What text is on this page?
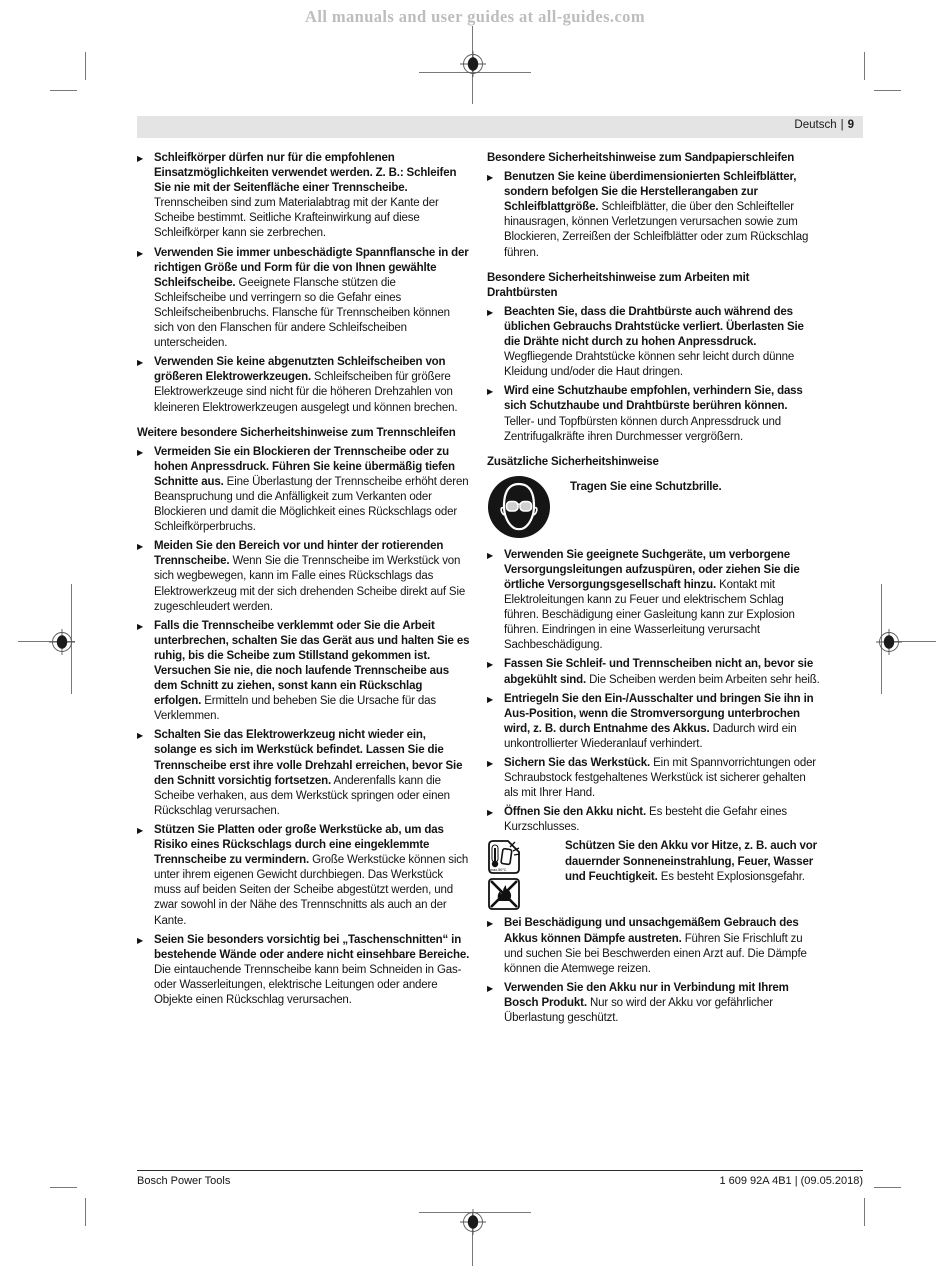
All manuals and user guides at all-guides.com
Deutsch | 9
▶ Schleifkörper dürfen nur für die empfohlenen Einsatzmöglichkeiten verwendet werden. Z. B.: Schleifen Sie nie mit der Seitenfläche einer Trennscheibe. Trennscheiben sind zum Materialabtrag mit der Kante der Scheibe bestimmt. Seitliche Krafteinwirkung auf diese Schleifkörper kann sie zerbrechen.

▶ Verwenden Sie immer unbeschädigte Spannflansche in der richtigen Größe und Form für die von Ihnen gewählte Schleifscheibe. Geeignete Flansche stützen die Schleifscheibe und verringern so die Gefahr eines Schleifscheibenbruchs. Flansche für Trennscheiben können sich von den Flanschen für andere Schleifscheiben unterscheiden.

▶ Verwenden Sie keine abgenutzten Schleifscheiben von größeren Elektrowerkzeugen. Schleifscheiben für größere Elektrowerkzeuge sind nicht für die höheren Drehzahlen von kleineren Elektrowerkzeugen ausgelegt und können brechen.

Weitere besondere Sicherheitshinweise zum Trennschleifen
▶ Vermeiden Sie ein Blockieren der Trennscheibe oder zu hohen Anpressdruck. Führen Sie keine übermäßig tiefen Schnitte aus. Eine Überlastung der Trennscheibe erhöht deren Beanspruchung und die Anfälligkeit zum Verkanten oder Blockieren und damit die Möglichkeit eines Rückschlags oder Schleifkörperbruchs.

▶ Meiden Sie den Bereich vor und hinter der rotierenden Trennscheibe. Wenn Sie die Trennscheibe im Werkstück von sich wegbewegen, kann im Falle eines Rückschlags das Elektrowerkzeug mit der sich drehenden Scheibe direkt auf Sie zugeschleudert werden.

▶ Falls die Trennscheibe verklemmt oder Sie die Arbeit unterbrechen, schalten Sie das Gerät aus und halten Sie es ruhig, bis die Scheibe zum Stillstand gekommen ist. Versuchen Sie nie, die noch laufende Trennscheibe aus dem Schnitt zu ziehen, sonst kann ein Rückschlag erfolgen. Ermitteln und beheben Sie die Ursache für das Verklemmen.

▶ Schalten Sie das Elektrowerkzeug nicht wieder ein, solange es sich im Werkstück befindet. Lassen Sie die Trennscheibe erst ihre volle Drehzahl erreichen, bevor Sie den Schnitt vorsichtig fortsetzen. Anderenfalls kann die Scheibe verhaken, aus dem Werkstück springen oder einen Rückschlag verursachen.

▶ Stützen Sie Platten oder große Werkstücke ab, um das Risiko eines Rückschlags durch eine eingeklemmte Trennscheibe zu vermindern. Große Werkstücke können sich unter ihrem eigenen Gewicht durchbiegen. Das Werkstück muss auf beiden Seiten der Scheibe abgestützt werden, und zwar sowohl in der Nähe des Trennschnitts als auch an der Kante.

▶ Seien Sie besonders vorsichtig bei „Taschenschnitten“ in bestehende Wände oder andere nicht einsehbare Bereiche. Die eintauchende Trennscheibe kann beim Schneiden in Gas- oder Wasserleitungen, elektrische Leitungen oder andere Objekte einen Rückschlag verursachen.

Besondere Sicherheitshinweise zum Sandpapierschleifen
▶ Benutzen Sie keine überdimensionierten Schleifblätter, sondern befolgen Sie die Herstellerangaben zur Schleifblattgröße. Schleifblätter, die über den Schleifteller hinausragen, können Verletzungen verursachen sowie zum Blockieren, Zerreißen der Schleifblätter oder zum Rückschlag führen.

Besondere Sicherheitshinweise zum Arbeiten mit Drahtbürsten
▶ Beachten Sie, dass die Drahtbürste auch während des üblichen Gebrauchs Drahtstücke verliert. Überlasten Sie die Drähte nicht durch zu hohen Anpressdruck. Wegfliegende Drahtstücke können sehr leicht durch dünne Kleidung und/oder die Haut dringen.

▶ Wird eine Schutzhaube empfohlen, verhindern Sie, dass sich Schutzhaube und Drahtbürste berühren können. Teller- und Topfbürsten können durch Anpressdruck und Zentrifugalkräfte ihren Durchmesser vergrößern.

Zusätzliche Sicherheitshinweise
Tragen Sie eine Schutzbrille.
▶ Verwenden Sie geeignete Suchgeräte, um verborgene Versorgungsleitungen aufzuspüren, oder ziehen Sie die örtliche Versorgungsgesellschaft hinzu. Kontakt mit Elektroleitungen kann zu Feuer und elektrischem Schlag führen. Beschädigung einer Gasleitung kann zur Explosion führen. Eindringen in eine Wasserleitung verursacht Sachbeschädigung.

▶ Fassen Sie Schleif- und Trennscheiben nicht an, bevor sie abgekühlt sind. Die Scheiben werden beim Arbeiten sehr heiß.

▶ Entriegeln Sie den Ein-/Ausschalter und bringen Sie ihn in Aus-Position, wenn die Stromversorgung unterbrochen wird, z. B. durch Entnahme des Akkus. Dadurch wird ein unkontrollierter Wiederanlauf verhindert.

▶ Sichern Sie das Werkstück. Ein mit Spannvorrichtungen oder Schraubstock festgehaltenes Werkstück ist sicherer gehalten als mit Ihrer Hand.

▶ Öffnen Sie den Akku nicht. Es besteht die Gefahr eines Kurzschlusses.

max.50°C

Schützen Sie den Akku vor Hitze, z. B. auch vor dauernder Sonneneinstrahlung, Feuer, Wasser und Feuchtigkeit. Es besteht Explosionsgefahr.

▶ Bei Beschädigung und unsachgemäßem Gebrauch des Akkus können Dämpfe austreten. Führen Sie Frischluft zu und suchen Sie bei Beschwerden einen Arzt auf. Die Dämpfe können die Atemwege reizen.

▶ Verwenden Sie den Akku nur in Verbindung mit Ihrem Bosch Produkt. Nur so wird der Akku vor gefährlicher Überlastung geschützt.

Bosch Power Tools	1 609 92A 4B1 | (09.05.2018)
